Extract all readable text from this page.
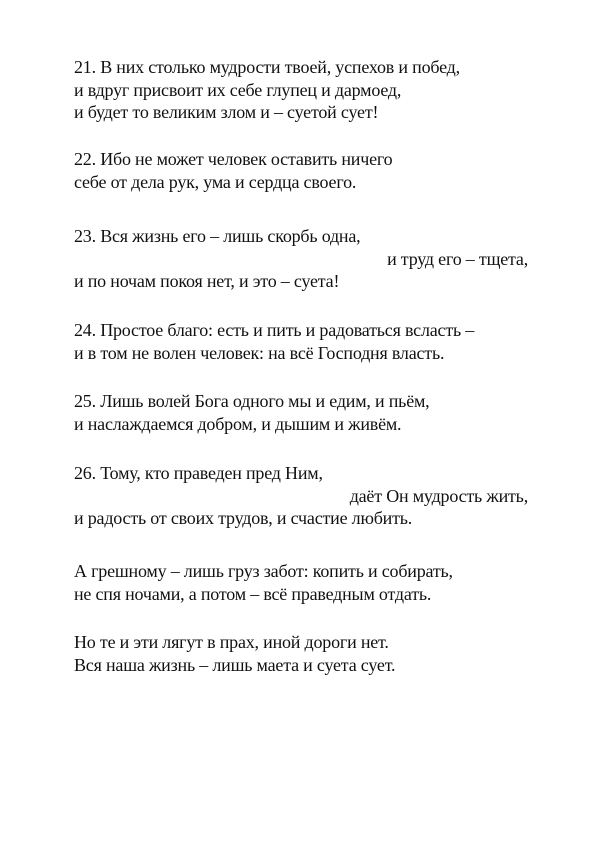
21. В них столько мудрости твоей, успехов и побед,
и вдруг присвоит их себе глупец и дармоед,
и будет то великим злом и – суетой сует!
22. Ибо не может человек оставить ничего
себе от дела рук, ума и сердца своего.
23. Вся жизнь его – лишь скорбь одна,
и труд его – тщета,
и по ночам покоя нет, и это – суета!
24. Простое благо: есть и пить и радоваться всласть –
и в том не волен человек: на всё Господня власть.
25. Лишь волей Бога одного мы и едим, и пьём,
и наслаждаемся добром, и дышим и живём.
26. Тому, кто праведен пред Ним,
даёт Он мудрость жить,
и радость от своих трудов, и счастие любить.
А грешному – лишь груз забот: копить и собирать,
не спя ночами, а потом – всё праведным отдать.
Но те и эти лягут в прах, иной дороги нет.
Вся наша жизнь – лишь маета и суета сует.
